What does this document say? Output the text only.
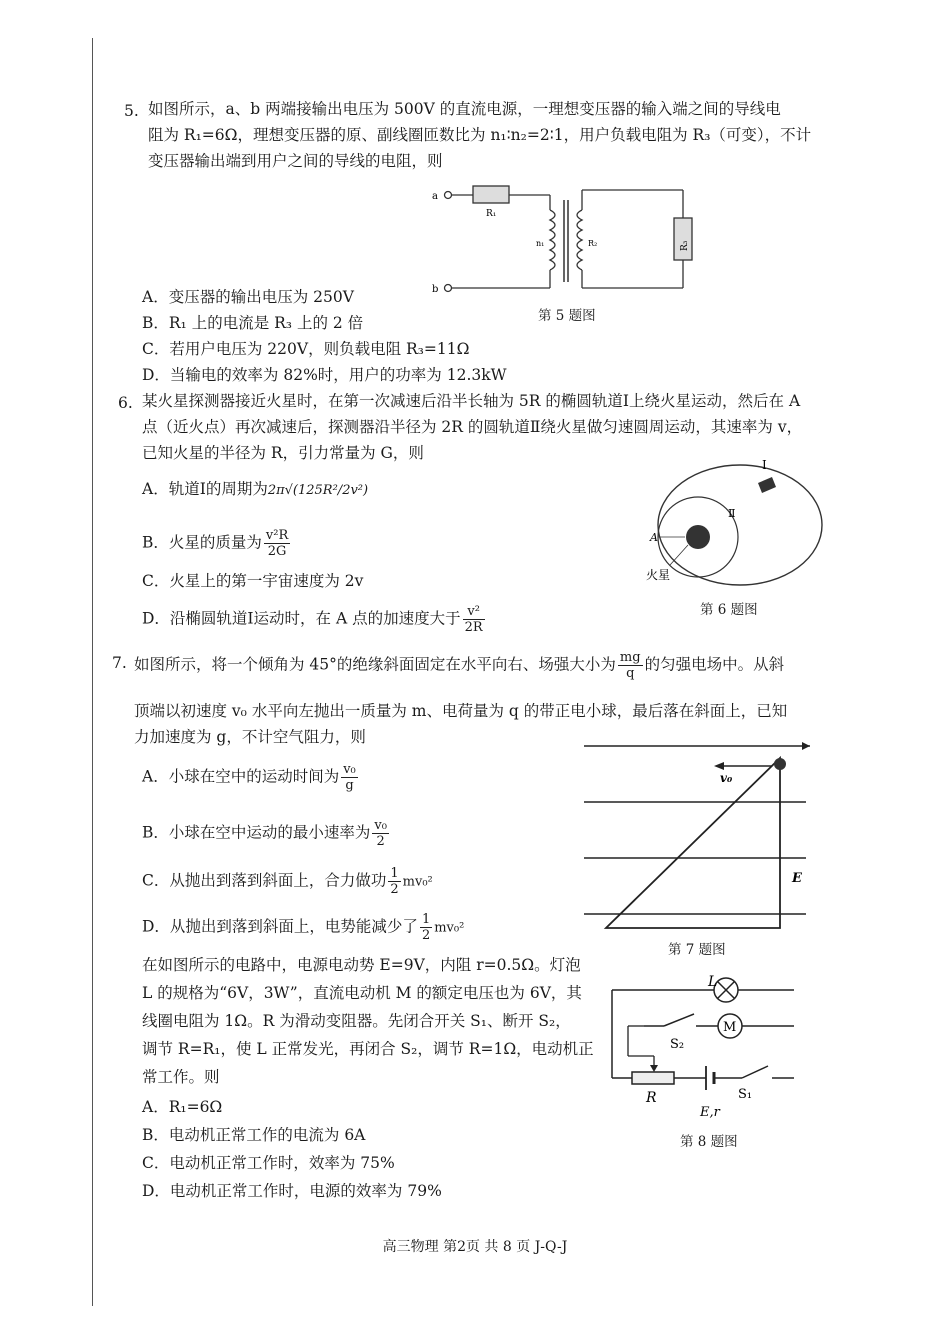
5. 如图所示，a、b 两端接输出电压为 500V 的直流电源，一理想变压器的输入端之间的导线电
阻为 R₁=6Ω，理想变压器的原、副线圈匝数比为 n₁∶n₂=2∶1，用户负载电阻为 R₃（可变），不计
变压器输出端到用户之间的导线的电阻，则
a
b
R₁
n₁	R₂	R₃
A．变压器的输出电压为 250V
第 5 题图
B．R₁ 上的电流是 R₃ 上的 2 倍
C．若用户电压为 220V，则负载电阻 R₃=11Ω
D．当输电的效率为 82%时，用户的功率为 12.3kW
6. 某火星探测器接近火星时，在第一次减速后沿半长轴为 5R 的椭圆轨道Ⅰ上绕火星运动，然后在 A
点（近火点）再次减速后，探测器沿半径为 2R 的圆轨道Ⅱ绕火星做匀速圆周运动，其速率为 v，
已知火星的半径为 R，引力常量为 G，则
A．轨道Ⅰ的周期为2π√(125R²/2v²)
B．火星的质量为 $\frac{\text{v²R}}{2G}$
C．火星上的第一宇宙速度为 2v
D．沿椭圆轨道Ⅰ运动时，在 A 点的加速度大于 $\frac{\text{v²}}{2R}$
Ⅰ
Ⅱ
A
火星
第 6 题图
7. 如图所示，将一个倾角为 45°的绝缘斜面固定在水平向右、场强大小为 $\frac{mg}{q}$ 的匀强电场中。从斜
顶端以初速度 v₀ 水平向左抛出一质量为 m、电荷量为 q 的带正电小球，最后落在斜面上，已知
力加速度为 g，不计空气阻力，则
A．小球在空中的运动时间为 $\frac{\text{v₀}}{g}$
B．小球在空中运动的最小速率为 $\frac{\text{v₀}}{2}$
C．从抛出到落到斜面上，合力做功 $\frac{1}{2} mv_0^2$
D．从抛出到落到斜面上，电势能减少了 $\frac{1}{2} mv_0^2$
v₀
E
第 7 题图
在如图所示的电路中，电源电动势 E=9V，内阻 r=0.5Ω。灯泡
L 的规格为“6V，3W”，直流电动机 M 的额定电压也为 6V，其
线圈电阻为 1Ω。R 为滑动变阻器。先闭合开关 S₁、断开 S₂，
调节 R=R₁，使 L 正常发光，再闭合 S₂，调节 R=1Ω，电动机正
常工作。则
A．R₁=6Ω
B．电动机正常工作的电流为 6A
C．电动机正常工作时，效率为 75%
D．电动机正常工作时，电源的效率为 79%
M
L
S₂
R
E,r
S₁
第 8 题图
高三物理 第2页 共 8 页 J-Q-J
